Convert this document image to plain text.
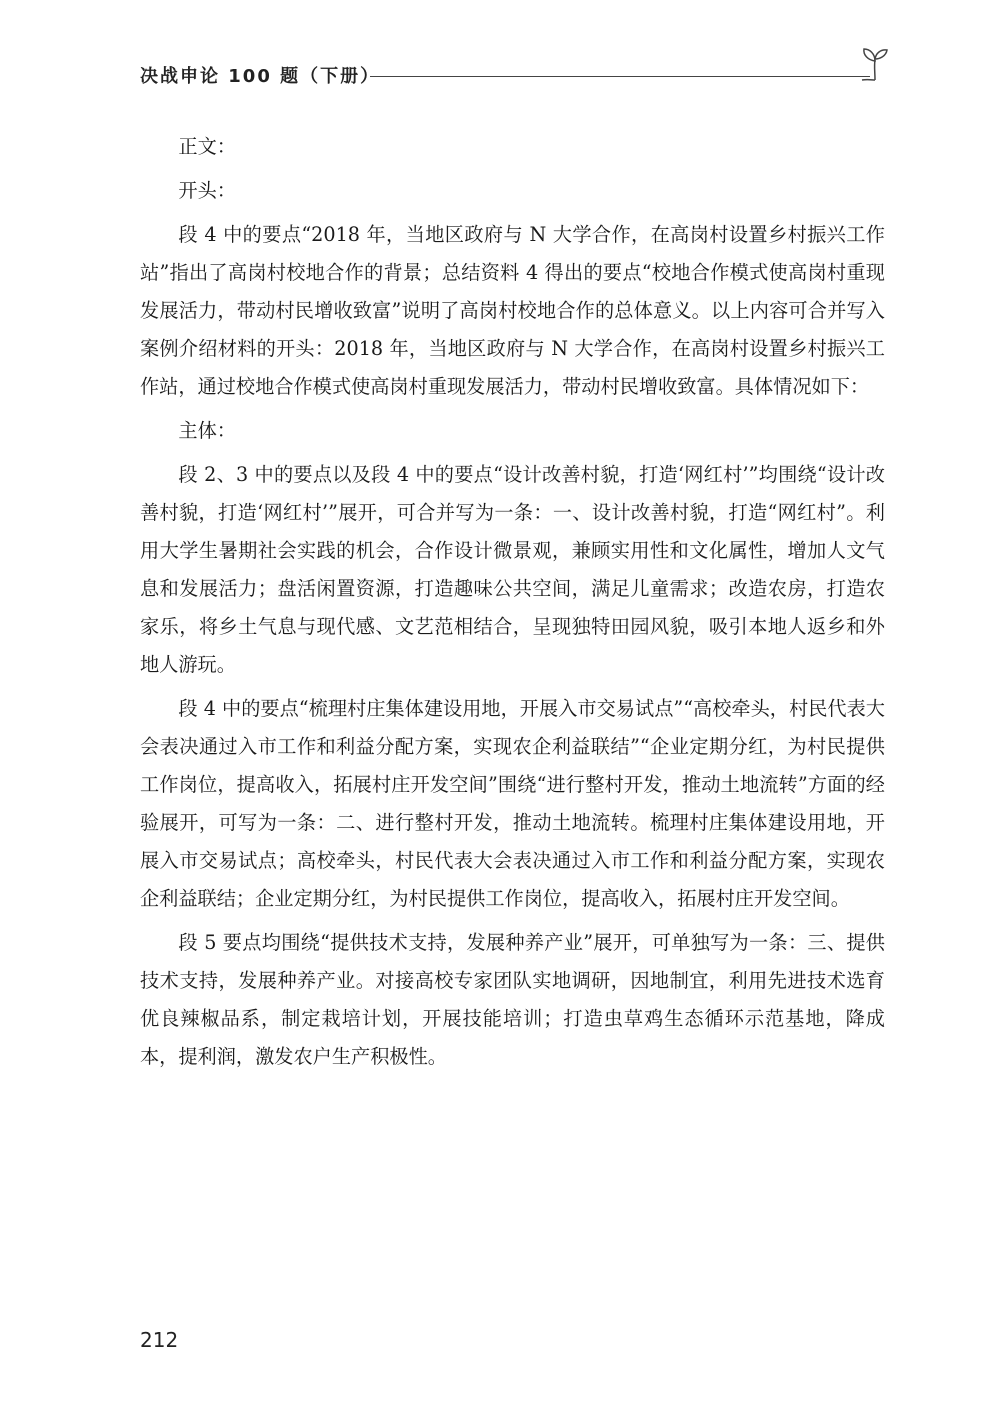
决战申论 100 题（下册）

正文：

开头：

段 4 中的要点“2018 年，当地区政府与 N 大学合作，在高岗村设置乡村振兴工作站”指出了高岗村校地合作的背景；总结资料 4 得出的要点“校地合作模式使高岗村重现发展活力，带动村民增收致富”说明了高岗村校地合作的总体意义。以上内容可合并写入案例介绍材料的开头：2018 年，当地区政府与 N 大学合作，在高岗村设置乡村振兴工作站，通过校地合作模式使高岗村重现发展活力，带动村民增收致富。具体情况如下：

主体：

段 2、3 中的要点以及段 4 中的要点“设计改善村貌，打造‘网红村’”均围绕“设计改善村貌，打造‘网红村’”展开，可合并写为一条：一、设计改善村貌，打造“网红村”。利用大学生暑期社会实践的机会，合作设计微景观，兼顾实用性和文化属性，增加人文气息和发展活力；盘活闲置资源，打造趣味公共空间，满足儿童需求；改造农房，打造农家乐，将乡土气息与现代感、文艺范相结合，呈现独特田园风貌，吸引本地人返乡和外地人游玩。

段 4 中的要点“梳理村庄集体建设用地，开展入市交易试点”“高校牵头，村民代表大会表决通过入市工作和利益分配方案，实现农企利益联结”“企业定期分红，为村民提供工作岗位，提高收入，拓展村庄开发空间”围绕“进行整村开发，推动土地流转”方面的经验展开，可写为一条：二、进行整村开发，推动土地流转。梳理村庄集体建设用地，开展入市交易试点；高校牵头，村民代表大会表决通过入市工作和利益分配方案，实现农企利益联结；企业定期分红，为村民提供工作岗位，提高收入，拓展村庄开发空间。

段 5 要点均围绕“提供技术支持，发展种养产业”展开，可单独写为一条：三、提供技术支持，发展种养产业。对接高校专家团队实地调研，因地制宜，利用先进技术选育优良辣椒品系，制定栽培计划，开展技能培训；打造虫草鸡生态循环示范基地，降成本，提利润，激发农户生产积极性。

212
